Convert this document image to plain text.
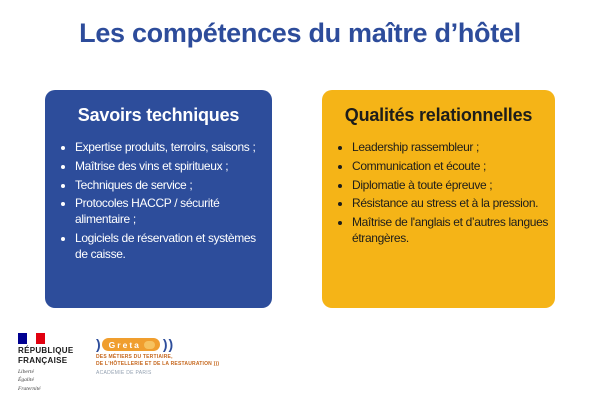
Les compétences du maître d’hôtel
Savoirs techniques
• Expertise produits, terroirs, saisons ;
• Maîtrise des vins et spiritueux ;
• Techniques de service ;
• Protocoles HACCP / sécurité alimentaire ;
• Logiciels de réservation et systèmes de caisse.
Qualités relationnelles
• Leadership rassembleur ;
• Communication et écoute ;
• Diplomatie à toute épreuve ;
• Résistance au stress et à la pression.
• Maîtrise de l'anglais et d’autres langues étrangères.
RÉPUBLIQUE
FRANÇAISE
Liberté
Égalité
Fraternité
) Greta ))
DES MÉTIERS DU TERTIAIRE,
DE L'HÔTELLERIE ET DE LA RESTAURATION )))
ACADÉMIE DE PARIS
